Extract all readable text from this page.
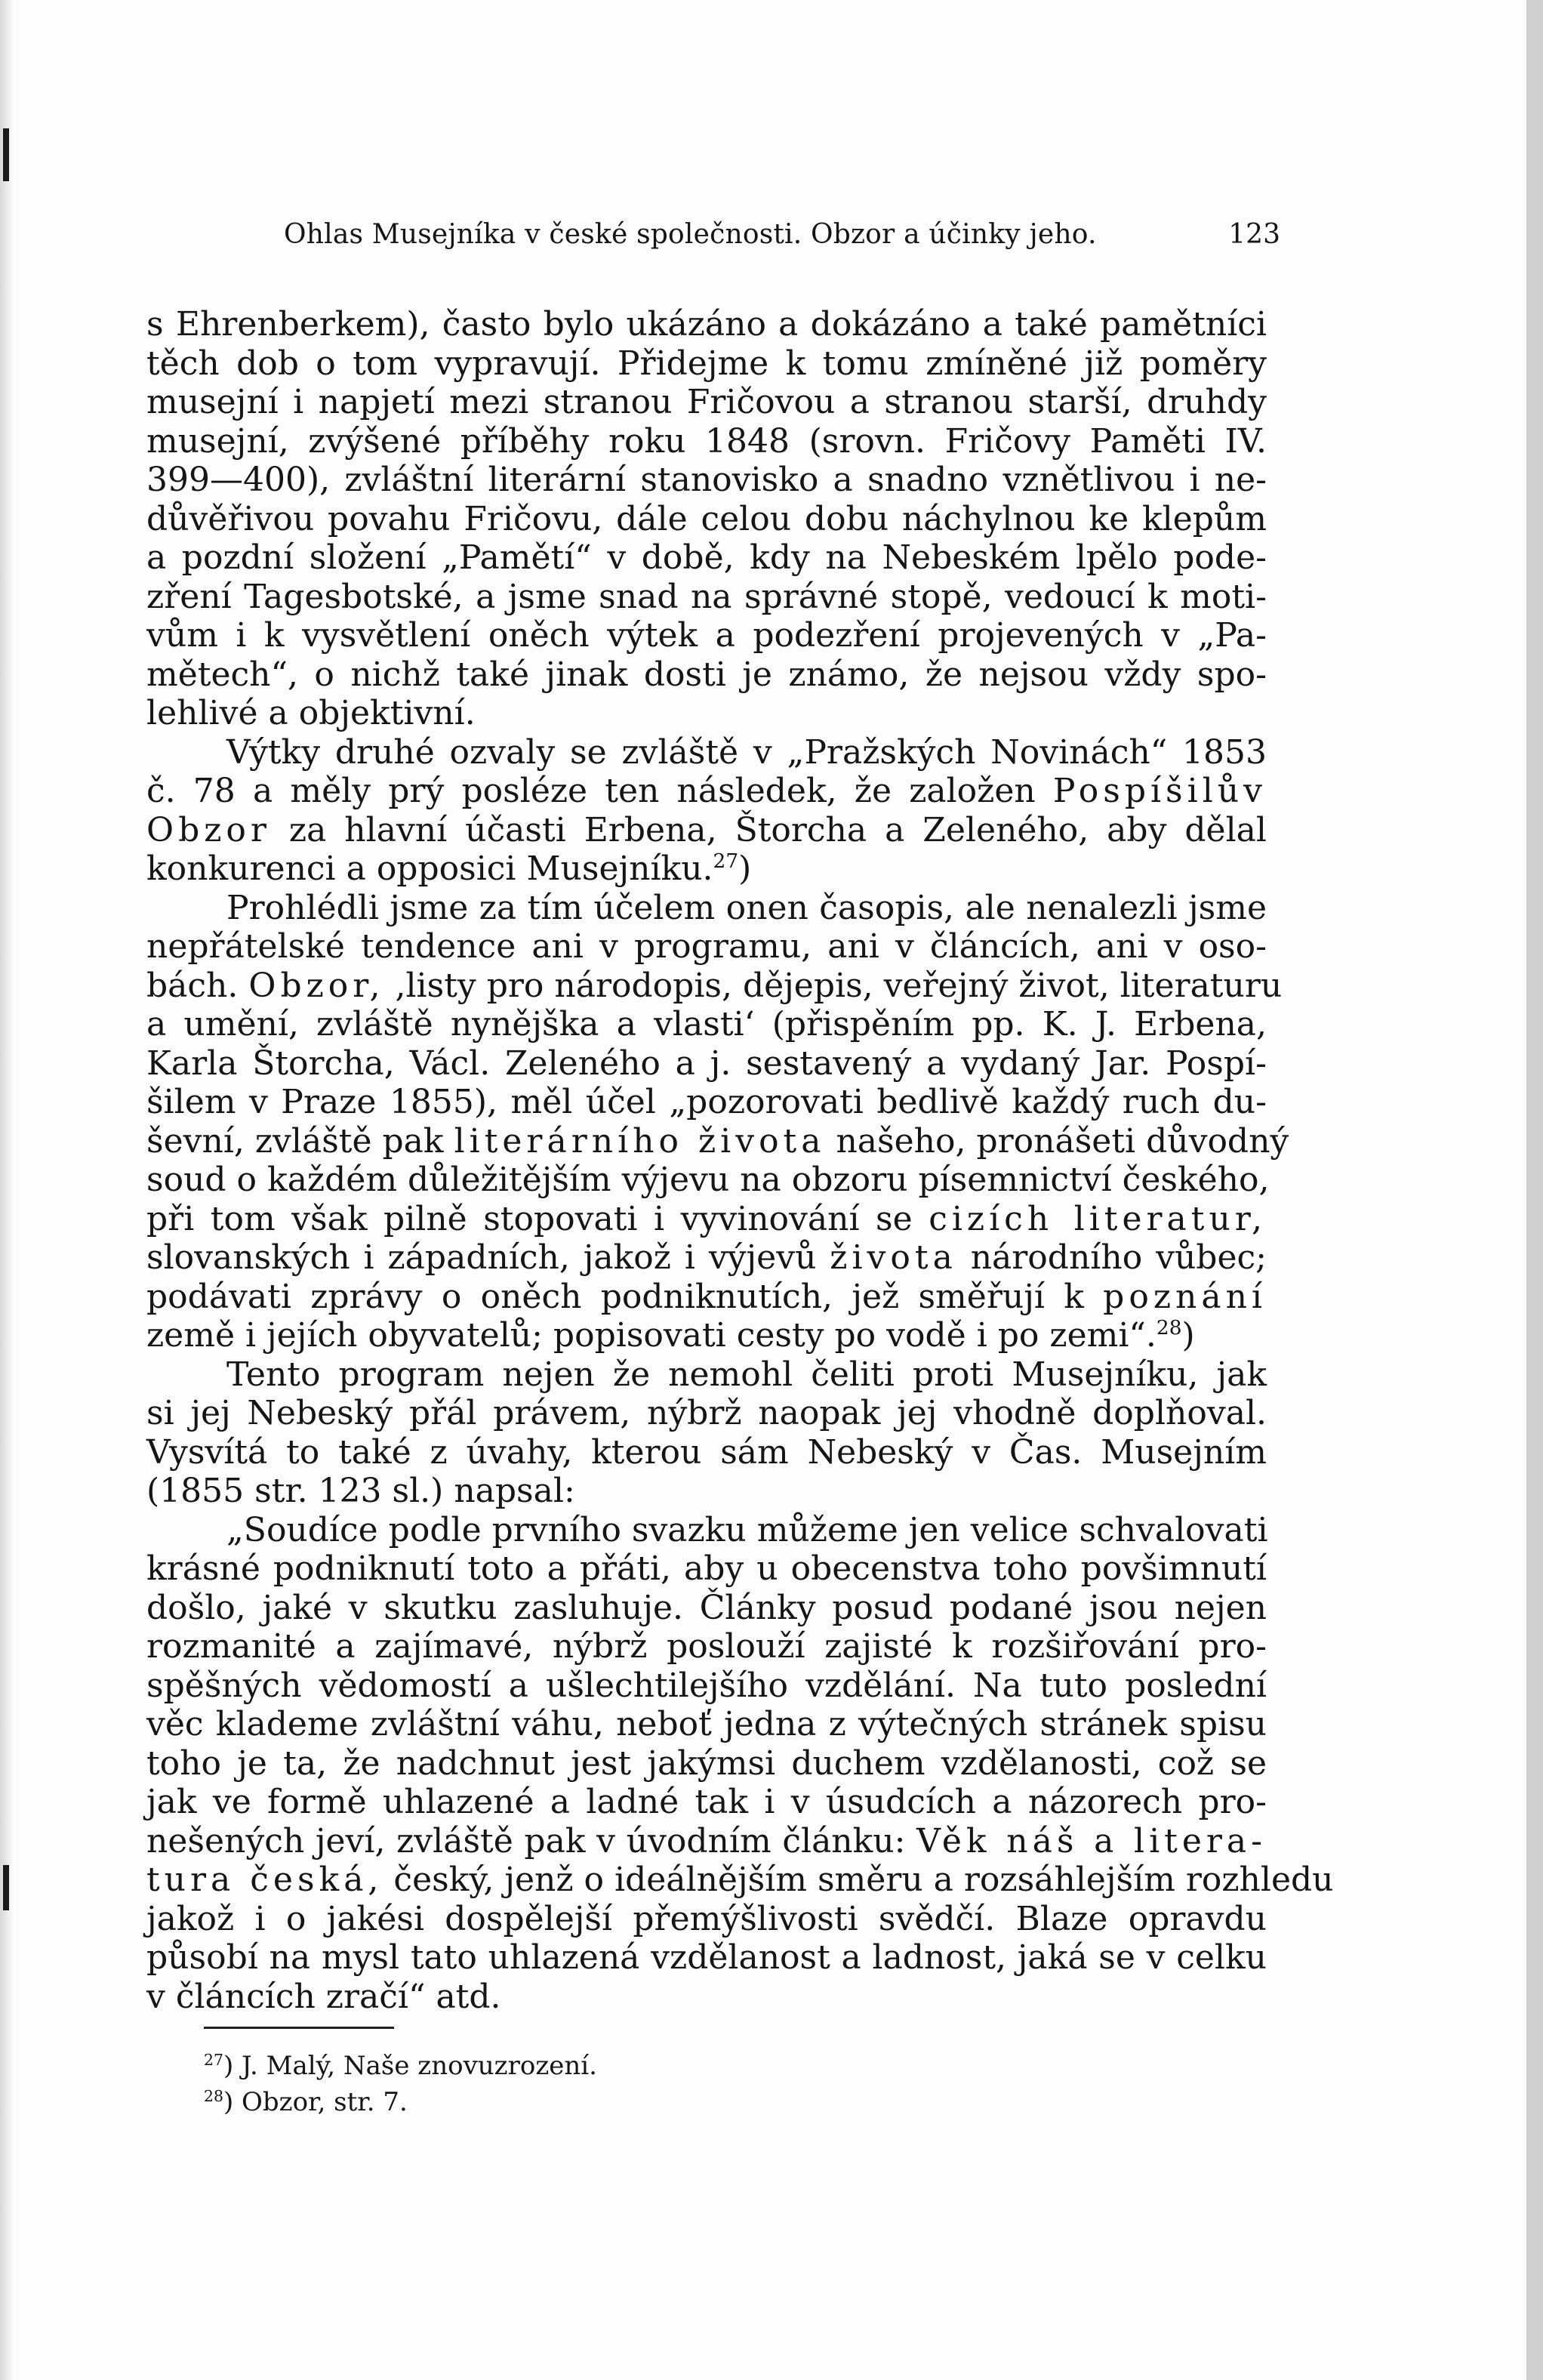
Ohlas Musejníka v české společnosti. Obzor a účinky jeho.	123
s Ehrenberkem), často bylo ukázáno a dokázáno a také pamětníci
těch dob o tom vypravují. Přidejme k tomu zmíněné již poměry
musejní i napjetí mezi stranou Fričovou a stranou starší, druhdy
musejní, zvýšené příběhy roku 1848 (srovn. Fričovy Paměti IV.
399—400), zvláštní literární stanovisko a snadno vznětlivou i ne-
důvěřivou povahu Fričovu, dále celou dobu náchylnou ke klepům
a pozdní složení „Pamětí“ v době, kdy na Nebeském lpělo pode-
zření Tagesbotské, a jsme snad na správné stopě, vedoucí k moti-
vům i k vysvětlení oněch výtek a podezření projevených v „Pa-
mětech“, o nichž také jinak dosti je známo, že nejsou vždy spo-
lehlivé a objektivní.
Výtky druhé ozvaly se zvláště v „Pražských Novinách“ 1853
č. 78 a měly prý posléze ten následek, že založen Pospíšilův
Obzor za hlavní účasti Erbena, Štorcha a Zeleného, aby dělal
konkurenci a opposici Musejníku.$^{27}$)
Prohlédli jsme za tím účelem onen časopis, ale nenalezli jsme
nepřátelské tendence ani v programu, ani v článcích, ani v oso-
bách. Obzor, ,listy pro národopis, dějepis, veřejný život, literaturu
a umění, zvláště nynějška a vlasti‘ (přispěním pp. K. J. Erbena,
Karla Štorcha, Václ. Zeleného a j. sestavený a vydaný Jar. Pospí-
šilem v Praze 1855), měl účel „pozorovati bedlivě každý ruch du-
ševní, zvláště pak literárního života našeho, pronášeti důvodný
soud o každém důležitějším výjevu na obzoru písemnictví českého,
při tom však pilně stopovati i vyvinování se cizích literatur,
slovanských i západních, jakož i výjevů života národního vůbec;
podávati zprávy o oněch podniknutích, jež směřují k poznání
země i jejích obyvatelů; popisovati cesty po vodě i po zemi“.$^{28}$)
Tento program nejen že nemohl čeliti proti Musejníku, jak
si jej Nebeský přál právem, nýbrž naopak jej vhodně doplňoval.
Vysvítá to také z úvahy, kterou sám Nebeský v Čas. Musejním
(1855 str. 123 sl.) napsal:
„Soudíce podle prvního svazku můžeme jen velice schvalovati
krásné podniknutí toto a přáti, aby u obecenstva toho povšimnutí
došlo, jaké v skutku zasluhuje. Články posud podané jsou nejen
rozmanité a zajímavé, nýbrž poslouží zajisté k rozšiřování pro-
spěšných vědomostí a ušlechtilejšího vzdělání. Na tuto poslední
věc klademe zvláštní váhu, neboť jedna z výtečných stránek spisu
toho je ta, že nadchnut jest jakýmsi duchem vzdělanosti, což se
jak ve formě uhlazené a ladné tak i v úsudcích a názorech pro-
nešených jeví, zvláště pak v úvodním článku: Věk náš a litera-
tura česká, český, jenž o ideálnějším směru a rozsáhlejším rozhledu
jakož i o jakési dospělejší přemýšlivosti svědčí. Blaze opravdu
působí na mysl tato uhlazená vzdělanost a ladnost, jaká se v celku
v článcích zračí“ atd.
$^{27}$) J. Malý, Naše znovuzrození.
$^{28}$) Obzor, str. 7.
